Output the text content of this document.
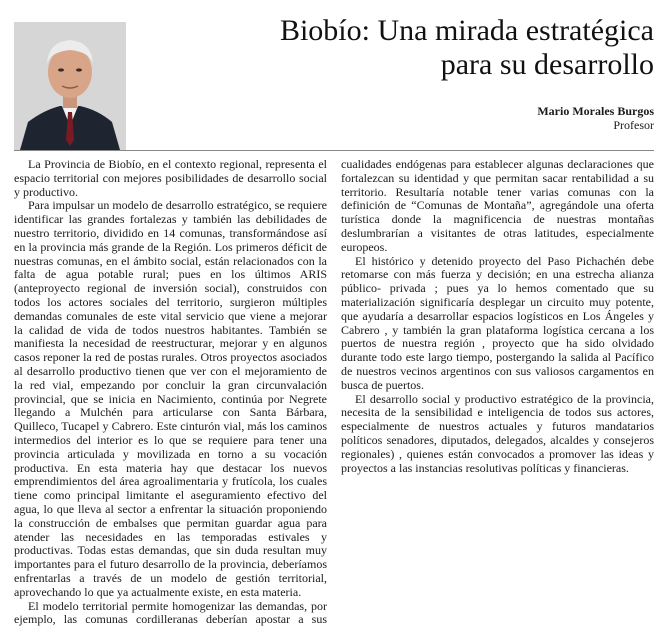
Biobío: Una mirada estratégica
para su desarrollo
Mario Morales Burgos
Profesor

La Provincia de Biobío, en el contexto regional, representa el espacio territorial con mejores posibilidades de desarrollo social y productivo.

Para impulsar un modelo de desarrollo estratégico, se requiere identificar las grandes fortalezas y también las debilidades de nuestro territorio, dividido en 14 comunas, transformándose así en la provincia más grande de la Región. Los primeros déficit de nuestras comunas, en el ámbito social, están relacionados con la falta de agua potable rural; pues en los últimos ARIS (anteproyecto regional de inversión social), construidos con todos los actores sociales del territorio, surgieron múltiples demandas comunales de este vital servicio que viene a mejorar la calidad de vida de todos nuestros habitantes. También se manifiesta la necesidad de reestructurar, mejorar y en algunos casos reponer la red de postas rurales. Otros proyectos asociados al desarrollo productivo tienen que ver con el mejoramiento de la red vial, empezando por concluir la gran circunvalación provincial, que se inicia en Nacimiento, continúa por Negrete llegando a Mulchén para articularse con Santa Bárbara, Quilleco, Tucapel y Cabrero. Este cinturón vial, más los caminos intermedios del interior es lo que se requiere para tener una provincia articulada y movilizada en torno a su vocación productiva. En esta materia hay que destacar los nuevos emprendimientos del área agroalimentaria y frutícola, los cuales tiene como principal limitante el aseguramiento efectivo del agua, lo que lleva al sector a enfrentar la situación proponiendo la construcción de embalses que permitan guardar agua para atender las necesidades en las temporadas estivales y productivas. Todas estas demandas, que sin duda resultan muy importantes para el futuro desarrollo de la provincia, deberíamos enfrentarlas a través de un modelo de gestión territorial, aprovechando lo que ya actualmente existe, en esta materia.

El modelo territorial permite homogenizar las demandas, por ejemplo, las comunas cordilleranas deberían apostar a sus cualidades endógenas para establecer algunas declaraciones que fortalezcan su identidad y que permitan sacar rentabilidad a su territorio. Resultaría notable tener varias comunas con la definición de “Comunas de Montaña”, agregándole una oferta turística donde la magnificencia de nuestras montañas deslumbrarían a visitantes de otras latitudes, especialmente europeos.

El histórico y detenido proyecto del Paso Pichachén debe retomarse con más fuerza y decisión; en una estrecha alianza público- privada ; pues ya lo hemos comentado que su materialización significaría desplegar un circuito muy potente, que ayudaría a desarrollar espacios logísticos en Los Ángeles y Cabrero , y también la gran plataforma logística cercana a los puertos de nuestra región , proyecto que ha sido olvidado durante todo este largo tiempo, postergando la salida al Pacífico de nuestros vecinos argentinos con sus valiosos cargamentos en busca de puertos.

El desarrollo social y productivo estratégico de la provincia, necesita de la sensibilidad e inteligencia de todos sus actores, especialmente de nuestros actuales y futuros mandatarios políticos senadores, diputados, delegados, alcaldes y consejeros regionales) , quienes están convocados a promover las ideas y proyectos a las instancias resolutivas políticas y financieras.
